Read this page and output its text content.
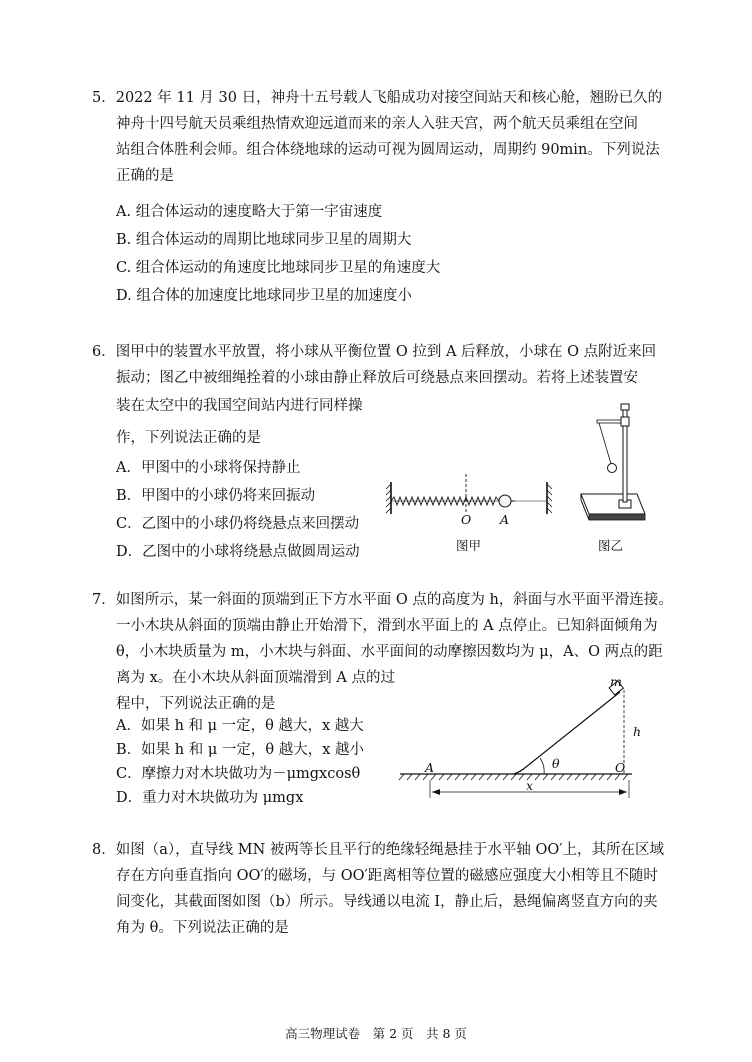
5．2022 年 11 月 30 日，神舟十五号载人飞船成功对接空间站天和核心舱，翘盼已久的
神舟十四号航天员乘组热情欢迎远道而来的亲人入驻天宫，两个航天员乘组在空间
站组合体胜利会师。组合体绕地球的运动可视为圆周运动，周期约 90min。下列说法
正确的是
A. 组合体运动的速度略大于第一宇宙速度
B. 组合体运动的周期比地球同步卫星的周期大
C. 组合体运动的角速度比地球同步卫星的角速度大
D. 组合体的加速度比地球同步卫星的加速度小
6．图甲中的装置水平放置，将小球从平衡位置 O 拉到 A 后释放，小球在 O 点附近来回
振动；图乙中被细绳拴着的小球由静止释放后可绕悬点来回摆动。若将上述装置安
装在太空中的我国空间站内进行同样操
作，下列说法正确的是
A．甲图中的小球将保持静止
B．甲图中的小球仍将来回振动
C．乙图中的小球仍将绕悬点来回摆动
D．乙图中的小球将绕悬点做圆周运动
O A
图甲	图乙
7．如图所示，某一斜面的顶端到正下方水平面 O 点的高度为 h，斜面与水平面平滑连接。
一小木块从斜面的顶端由静止开始滑下，滑到水平面上的 A 点停止。已知斜面倾角为
θ，小木块质量为 m，小木块与斜面、水平面间的动摩擦因数均为 μ，A、O 两点的距
离为 x。在小木块从斜面顶端滑到 A 点的过
程中，下列说法正确的是
A．如果 h 和 μ 一定，θ 越大，x 越大
B．如果 h 和 μ 一定，θ 越大，x 越小
C．摩擦力对木块做功为－μmgxcosθ
D．重力对木块做功为 μmgx
m
h
θ
A	O
x
8．如图（a），直导线 MN 被两等长且平行的绝缘轻绳悬挂于水平轴 OO′上，其所在区域
存在方向垂直指向 OO′的磁场，与 OO′距离相等位置的磁感应强度大小相等且不随时
间变化，其截面图如图（b）所示。导线通以电流 I，静止后，悬绳偏离竖直方向的夹
角为 θ。下列说法正确的是
高三物理试卷　第 2 页　共 8 页
